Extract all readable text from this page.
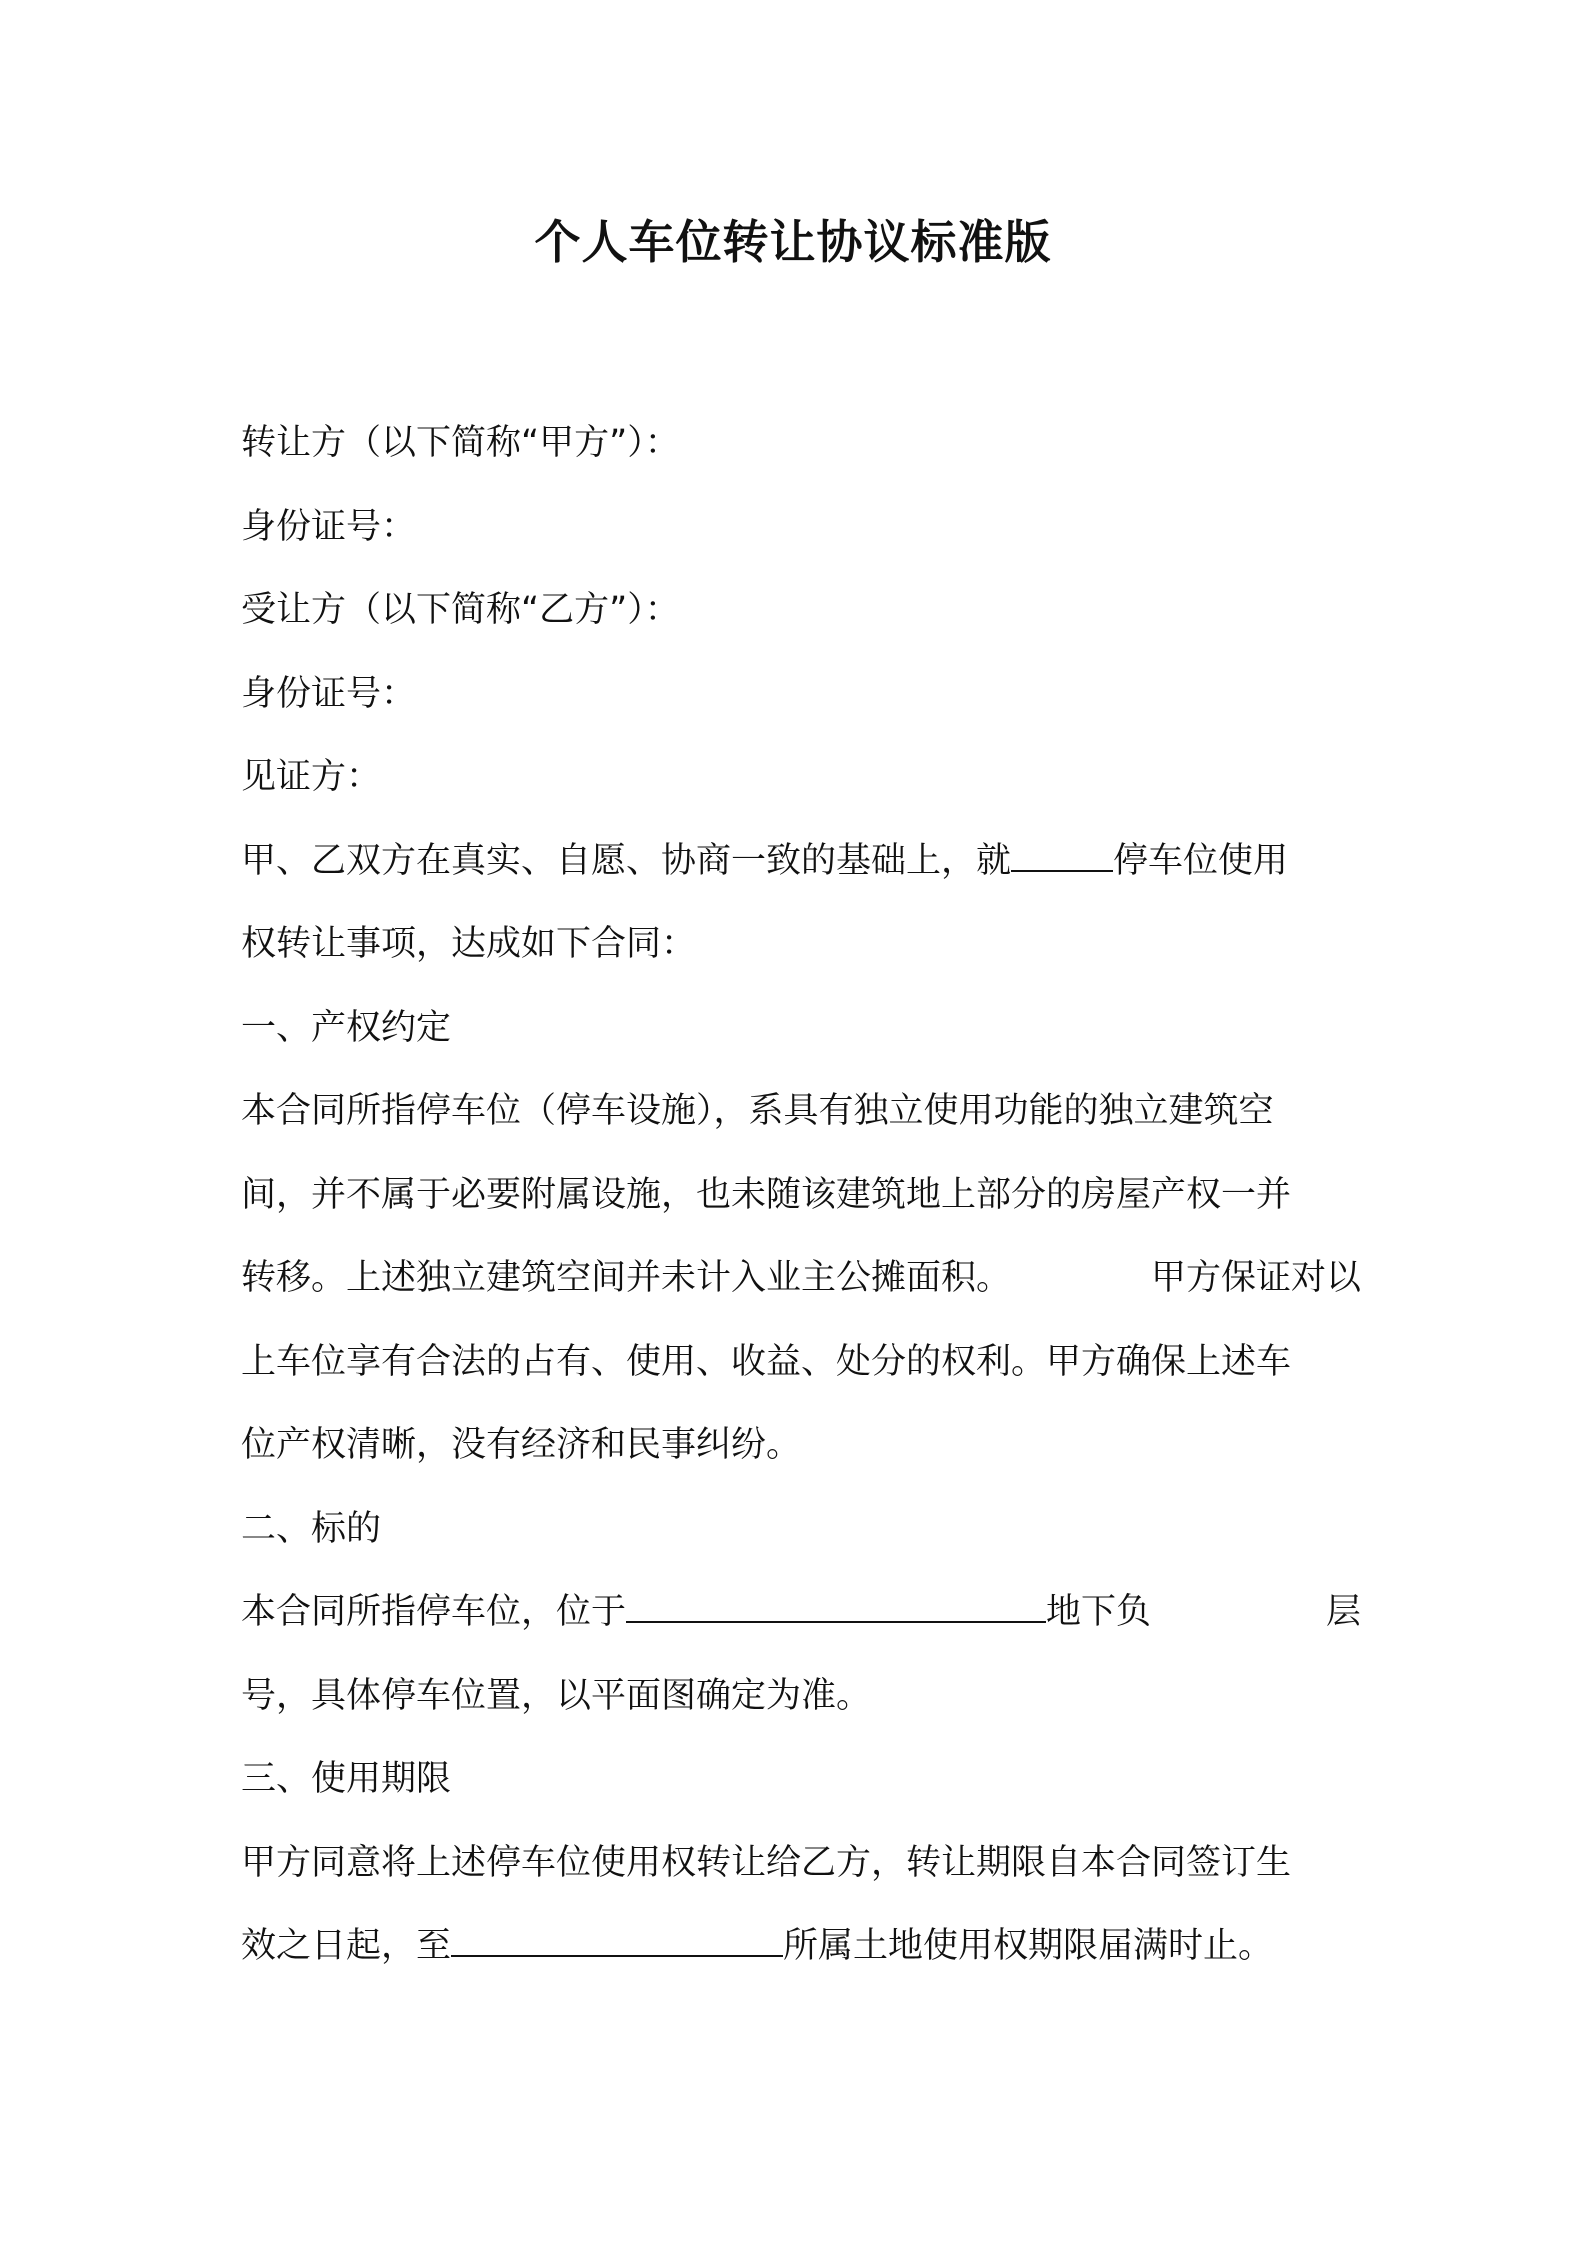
个人车位转让协议标准版
转让方（以下简称“甲方”）：
身份证号：
受让方（以下简称“乙方”）：
身份证号：
见证方：
甲、乙双方在真实、自愿、协商一致的基础上，就	停车位使用
权转让事项，达成如下合同：
一、产权约定
本合同所指停车位（停车设施），系具有独立使用功能的独立建筑空
间，并不属于必要附属设施，也未随该建筑地上部分的房屋产权一并
转移。上述独立建筑空间并未计入业主公摊面积。	甲方保证对以
上车位享有合法的占有、使用、收益、处分的权利。甲方确保上述车
位产权清晰，没有经济和民事纠纷。
二、标的
本合同所指停车位，位于	地下负	层
号，具体停车位置，以平面图确定为准。
三、使用期限
甲方同意将上述停车位使用权转让给乙方，转让期限自本合同签订生
效之日起，至	所属土地使用权期限届满时止。
